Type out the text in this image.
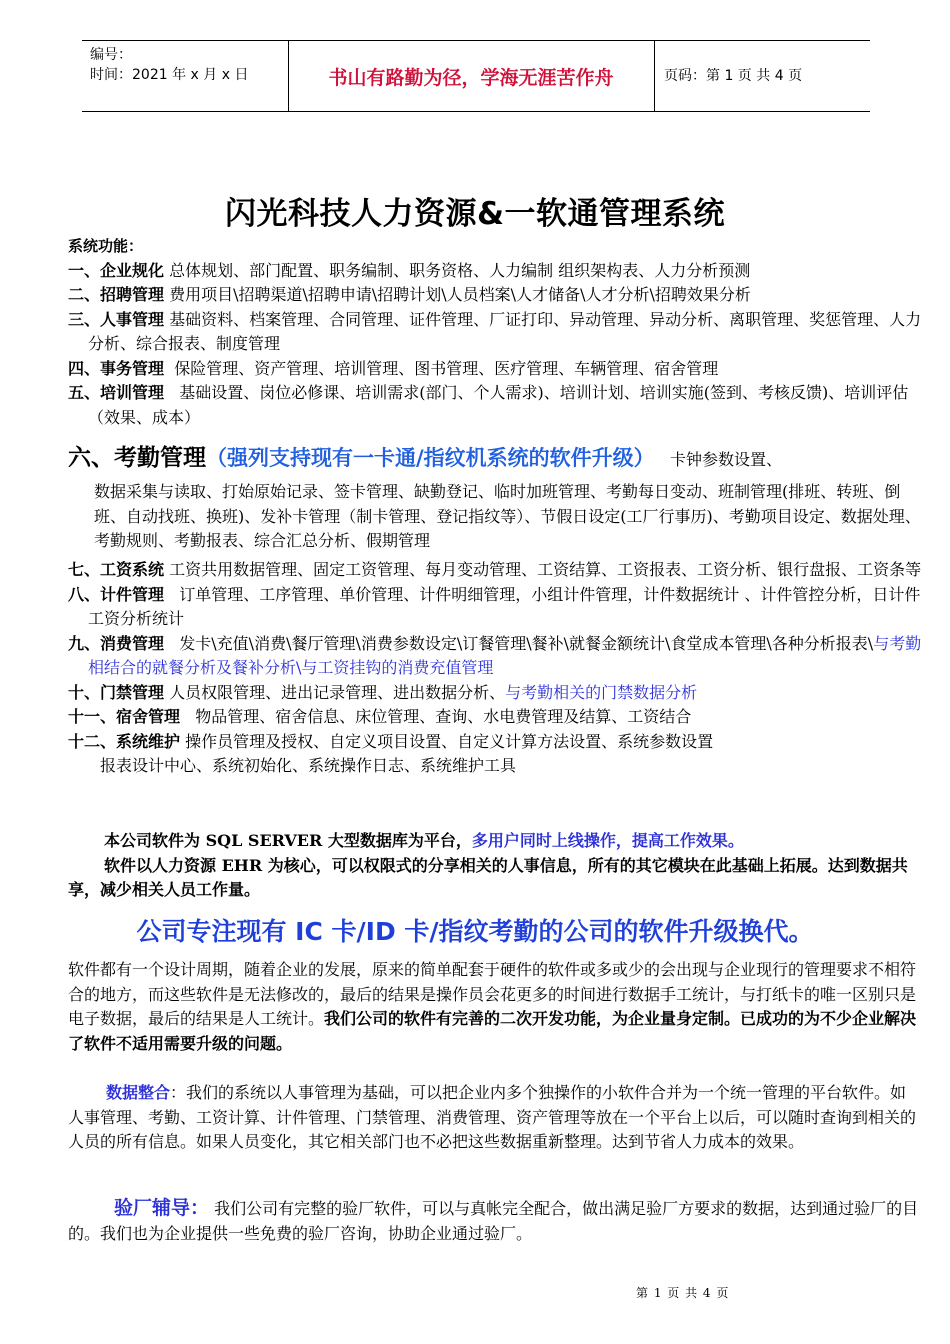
编号：
时间：2021 年 x 月 x 日	书山有路勤为径，学海无涯苦作舟	页码：第 1 页 共 4 页
闪光科技人力资源&一软通管理系统
系统功能：
一、企业规化 总体规划、部门配置、职务编制、职务资格、人力编制 组织架构表、人力分析预测
二、招聘管理 费用项目\招聘渠道\招聘申请\招聘计划\人员档案\人才储备\人才分析\招聘效果分析
三、人事管理 基础资料、档案管理、合同管理、证件管理、厂证打印、异动管理、异动分析、离职管理、奖惩管理、人力分析、综合报表、制度管理
四、事务管理 保险管理、资产管理、培训管理、图书管理、医疗管理、车辆管理、宿舍管理
五、培训管理 基础设置、岗位必修课、培训需求(部门、个人需求)、培训计划、培训实施(签到、考核反馈)、培训评估（效果、成本）
六、考勤管理（强列支持现有一卡通/指纹机系统的软件升级） 卡钟参数设置、
数据采集与读取、打始原始记录、签卡管理、缺勤登记、临时加班管理、考勤每日变动、班制管理(排班、转班、倒班、自动找班、换班)、发补卡管理（制卡管理、登记指纹等）、节假日设定(工厂行事历)、考勤项目设定、数据处理、考勤规则、考勤报表、综合汇总分析、假期管理
七、工资系统 工资共用数据管理、固定工资管理、每月变动管理、工资结算、工资报表、工资分析、银行盘报、工资条等
八、计件管理 订单管理、工序管理、单价管理、计件明细管理，小组计件管理，计件数据统计 、计件管控分析，日计件工资分析统计
九、消费管理 发卡\充值\消费\餐厅管理\消费参数设定\订餐管理\餐补\就餐金额统计\食堂成本管理\各种分析报表\与考勤相结合的就餐分析及餐补分析\与工资挂钩的消费充值管理
十、门禁管理 人员权限管理、进出记录管理、进出数据分析、与考勤相关的门禁数据分析
十一、宿舍管理 物品管理、宿舍信息、床位管理、查询、水电费管理及结算、工资结合
十二、系统维护 操作员管理及授权、自定义项目设置、自定义计算方法设置、系统参数设置
报表设计中心、系统初始化、系统操作日志、系统维护工具
本公司软件为 SQL SERVER 大型数据库为平台，多用户同时上线操作，提高工作效果。
软件以人力资源 EHR 为核心，可以权限式的分享相关的人事信息，所有的其它模块在此基础上拓展。达到数据共享，减少相关人员工作量。
公司专注现有 IC 卡/ID 卡/指纹考勤的公司的软件升级换代。
软件都有一个设计周期，随着企业的发展，原来的简单配套于硬件的软件或多或少的会出现与企业现行的管理要求不相符合的地方，而这些软件是无法修改的，最后的结果是操作员会花更多的时间进行数据手工统计，与打纸卡的唯一区别只是电子数据，最后的结果是人工统计。我们公司的软件有完善的二次开发功能，为企业量身定制。已成功的为不少企业解决了软件不适用需要升级的问题。
数据整合：我们的系统以人事管理为基础，可以把企业内多个独操作的小软件合并为一个统一管理的平台软件。如 人事管理、考勤、工资计算、计件管理、门禁管理、消费管理、资产管理等放在一个平台上以后，可以随时查询到相关的人员的所有信息。如果人员变化，其它相关部门也不必把这些数据重新整理。达到节省人力成本的效果。
验厂辅导： 我们公司有完整的验厂软件，可以与真帐完全配合，做出满足验厂方要求的数据，达到通过验厂的目的。我们也为企业提供一些免费的验厂咨询，协助企业通过验厂。
第 1 页 共 4 页
